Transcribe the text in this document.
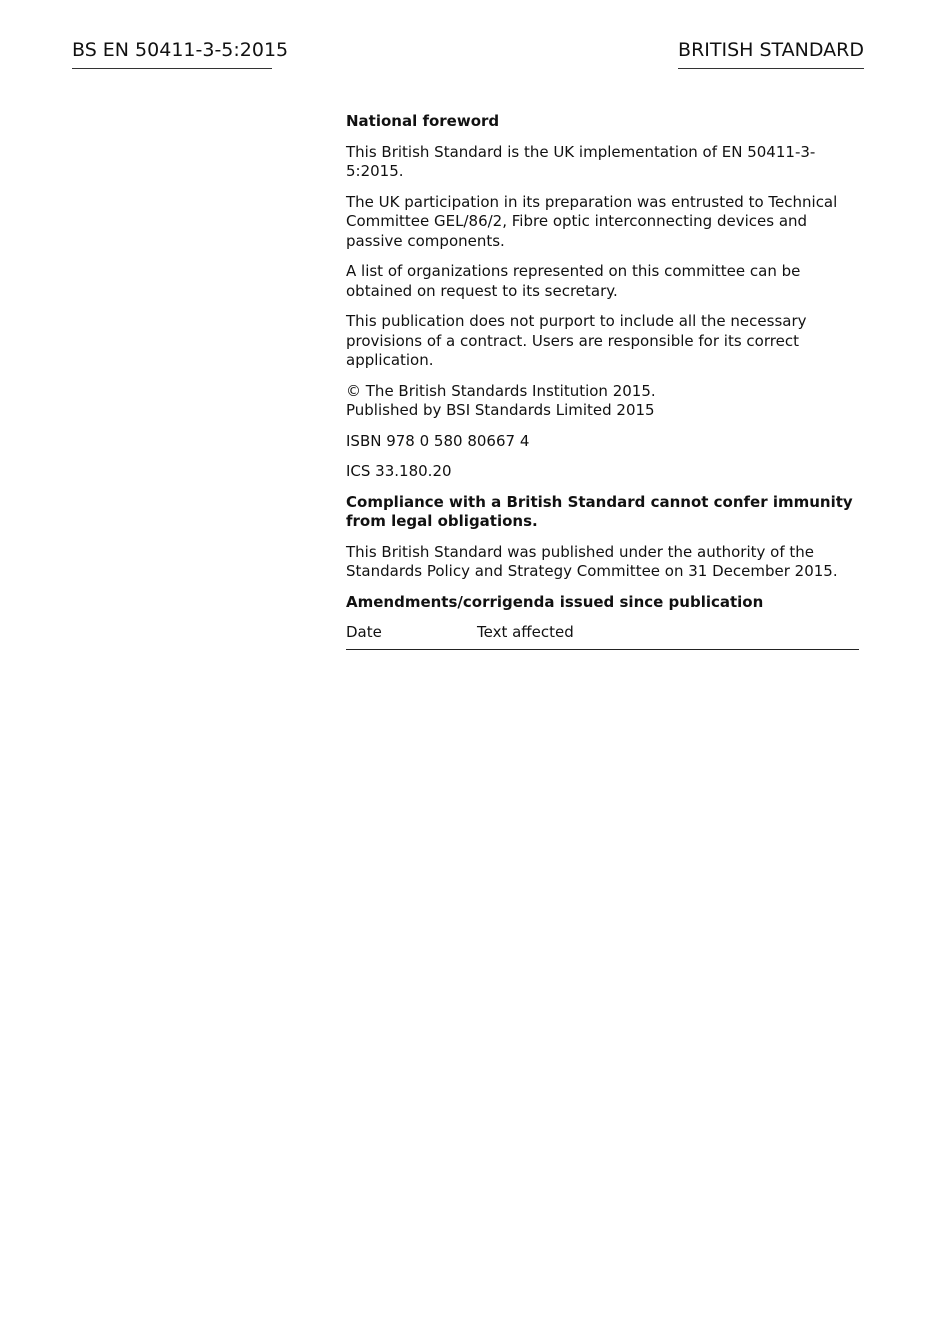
BS EN 50411-3-5:2015	BRITISH STANDARD

National foreword

This British Standard is the UK implementation of EN 50411-3-5:2015.

The UK participation in its preparation was entrusted to Technical Committee GEL/86/2, Fibre optic interconnecting devices and passive components.

A list of organizations represented on this committee can be obtained on request to its secretary.

This publication does not purport to include all the necessary provisions of a contract. Users are responsible for its correct application.

© The British Standards Institution 2015.
Published by BSI Standards Limited 2015

ISBN 978 0 580 80667 4

ICS 33.180.20

Compliance with a British Standard cannot confer immunity from legal obligations.

This British Standard was published under the authority of the Standards Policy and Strategy Committee on 31 December 2015.

Amendments/corrigenda issued since publication

Date	Text affected
